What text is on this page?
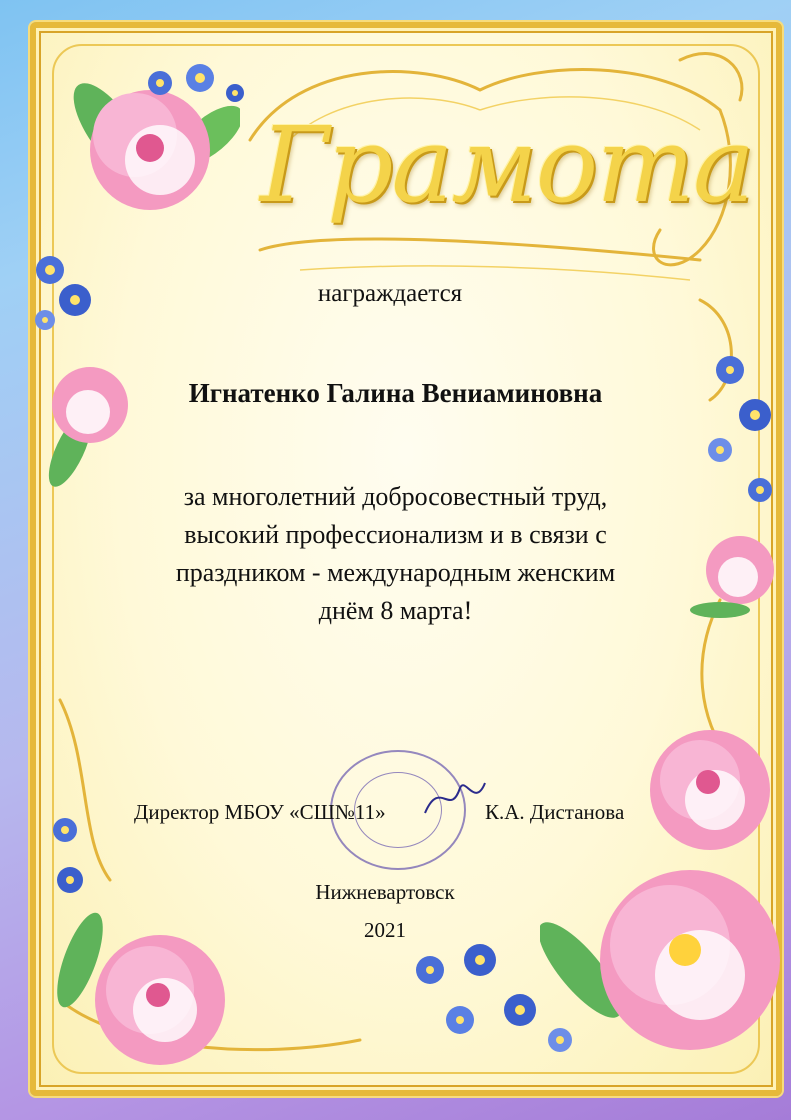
Грамота
награждается
Игнатенко Галина Вениаминовна
за многолетний добросовестный труд,
высокий профессионализм и в связи с
праздником - международным женским
днём 8 марта!
Директор МБОУ «СШ№11»	К.А. Дистанова
Нижневартовск
2021
